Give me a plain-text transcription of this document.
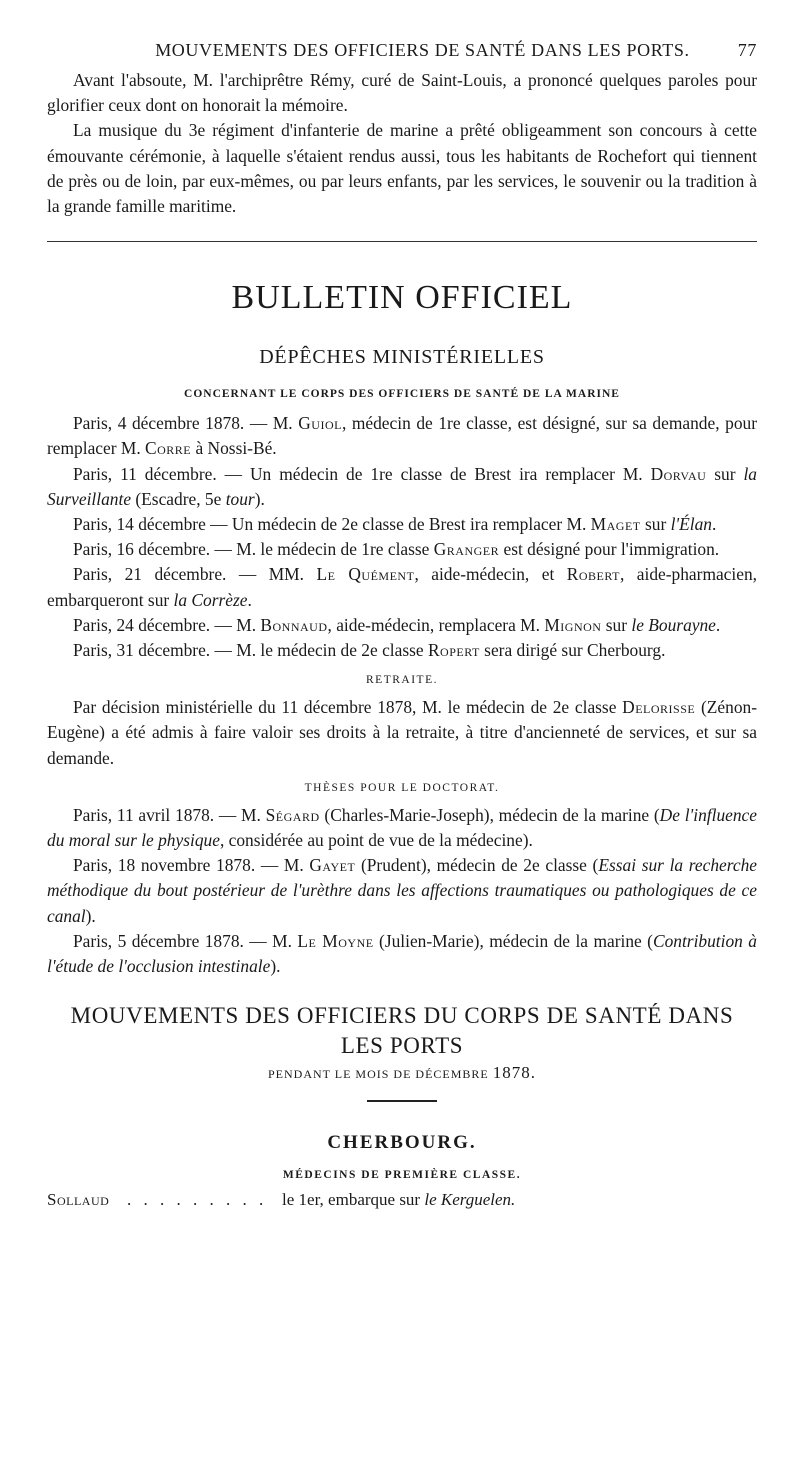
MOUVEMENTS DES OFFICIERS DE SANTÉ DANS LES PORTS.	77

Avant l'absoute, M. l'archiprêtre Rémy, curé de Saint-Louis, a prononcé quelques paroles pour glorifier ceux dont on honorait la mémoire.

La musique du 3e régiment d'infanterie de marine a prêté obligeamment son concours à cette émouvante cérémonie, à laquelle s'étaient rendus aussi, tous les habitants de Rochefort qui tiennent de près ou de loin, par eux-mêmes, ou par leurs enfants, par les services, le souvenir ou la tradition à la grande famille maritime.

BULLETIN OFFICIEL
DÉPÊCHES MINISTÉRIELLES
CONCERNANT LE CORPS DES OFFICIERS DE SANTÉ DE LA MARINE

Paris, 4 décembre 1878. — M. Guiol, médecin de 1re classe, est désigné, sur sa demande, pour remplacer M. Corre à Nossi-Bé.

Paris, 11 décembre. — Un médecin de 1re classe de Brest ira remplacer M. Dorvau sur la Surveillante (Escadre, 5e tour).

Paris, 14 décembre — Un médecin de 2e classe de Brest ira remplacer M. Maget sur l'Élan.

Paris, 16 décembre. — M. le médecin de 1re classe Granger est désigné pour l'immigration.

Paris, 21 décembre. — MM. Le Quément, aide-médecin, et Robert, aide-pharmacien, embarqueront sur la Corrèze.

Paris, 24 décembre. — M. Bonnaud, aide-médecin, remplacera M. Mignon sur le Bourayne.

Paris, 31 décembre. — M. le médecin de 2e classe Ropert sera dirigé sur Cherbourg.

RETRAITE.

Par décision ministérielle du 11 décembre 1878, M. le médecin de 2e classe Delorisse (Zénon-Eugène) a été admis à faire valoir ses droits à la retraite, à titre d'ancienneté de services, et sur sa demande.

THÈSES POUR LE DOCTORAT.

Paris, 11 avril 1878. — M. Ségard (Charles-Marie-Joseph), médecin de la marine (De l'influence du moral sur le physique, considérée au point de vue de la médecine).

Paris, 18 novembre 1878. — M. Gayet (Prudent), médecin de 2e classe (Essai sur la recherche méthodique du bout postérieur de l'urèthre dans les affections traumatiques ou pathologiques de ce canal).

Paris, 5 décembre 1878. — M. Le Moyne (Julien-Marie), médecin de la marine (Contribution à l'étude de l'occlusion intestinale).

MOUVEMENTS DES OFFICIERS DU CORPS DE SANTÉ DANS LES PORTS
PENDANT LE MOIS DE DÉCEMBRE 1878.
CHERBOURG.
MÉDECINS DE PREMIÈRE CLASSE.
Sollaud	. . . . . . . . . le 1er, embarque sur le Kerguelen.
